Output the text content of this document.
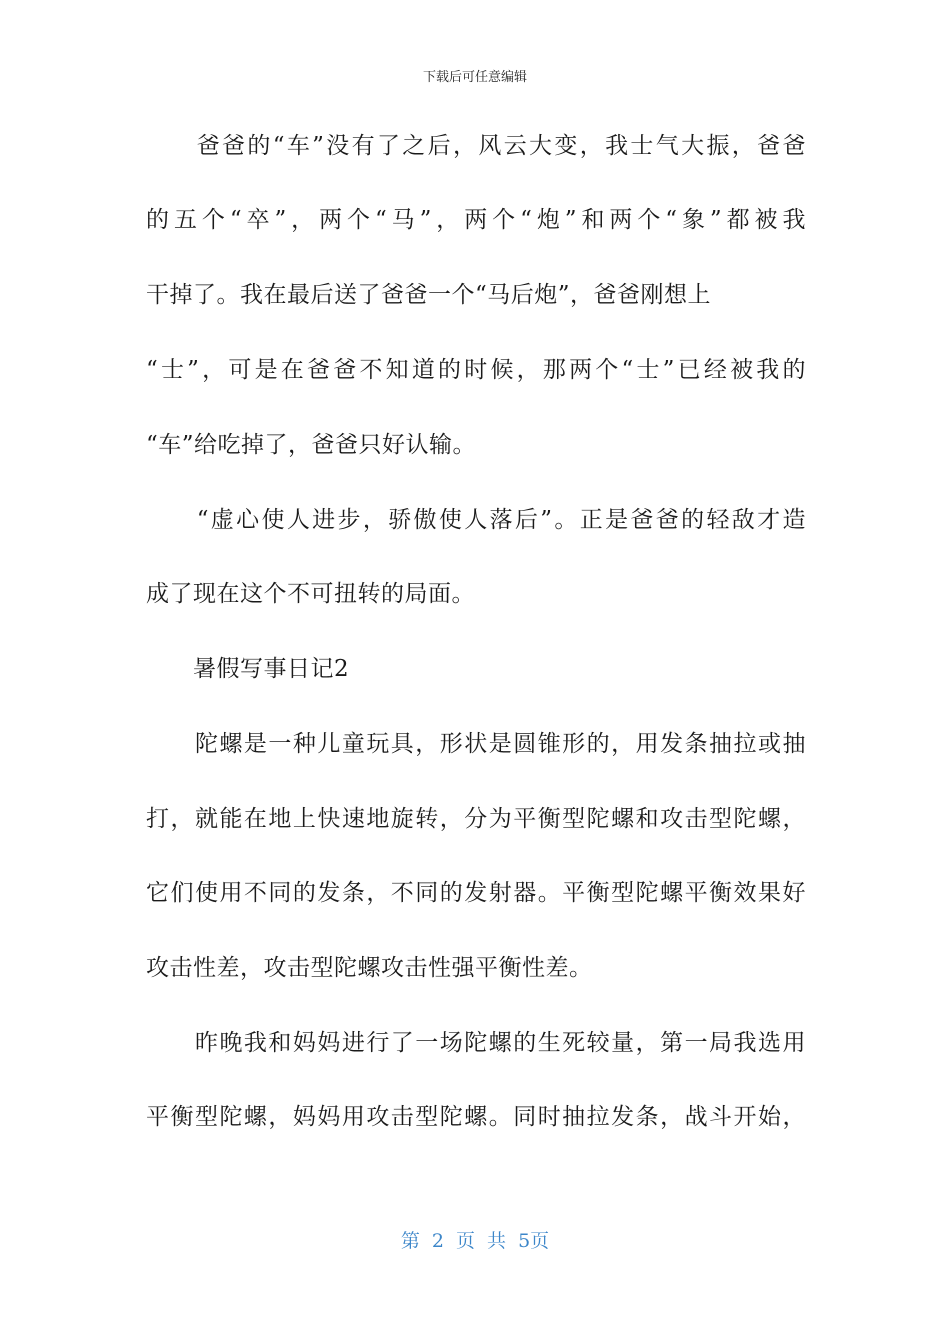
下载后可任意编辑
　　爸爸的“车”没有了之后，风云大变，我士气大振，爸爸
的五个“卒”，两个“马”，两个“炮”和两个“象”都被我
干掉了。我在最后送了爸爸一个“马后炮”，爸爸刚想上
“士”，可是在爸爸不知道的时候，那两个“士”已经被我的
“车”给吃掉了，爸爸只好认输。
　　“虚心使人进步，骄傲使人落后”。正是爸爸的轻敌才造
成了现在这个不可扭转的局面。
　　暑假写事日记2
　　陀螺是一种儿童玩具，形状是圆锥形的，用发条抽拉或抽
打，就能在地上快速地旋转，分为平衡型陀螺和攻击型陀螺，
它们使用不同的发条，不同的发射器。平衡型陀螺平衡效果好
攻击性差，攻击型陀螺攻击性强平衡性差。
　　昨晚我和妈妈进行了一场陀螺的生死较量，第一局我选用
平衡型陀螺，妈妈用攻击型陀螺。同时抽拉发条，战斗开始，
第 2 页 共 5页
